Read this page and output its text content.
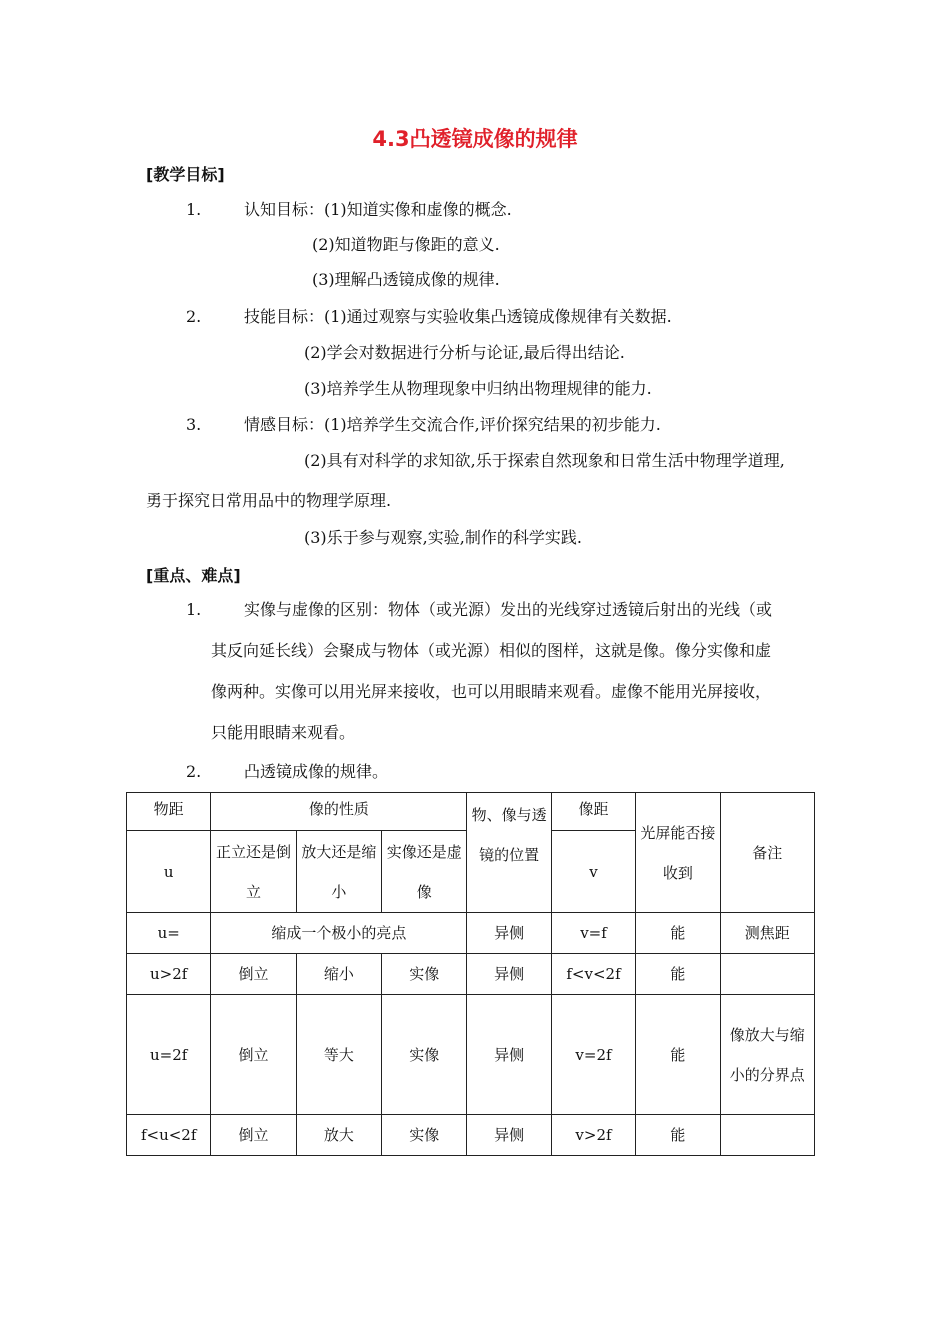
4.3凸透镜成像的规律
[教学目标]
1.	认知目标：(1)知道实像和虚像的概念.
(2)知道物距与像距的意义.
(3)理解凸透镜成像的规律.
2.	技能目标：(1)通过观察与实验收集凸透镜成像规律有关数据.
(2)学会对数据进行分析与论证,最后得出结论.
(3)培养学生从物理现象中归纳出物理规律的能力.
3.	情感目标：(1)培养学生交流合作,评价探究结果的初步能力.
(2)具有对科学的求知欲,乐于探索自然现象和日常生活中物理学道理,
勇于探究日常用品中的物理学原理.
(3)乐于参与观察,实验,制作的科学实践.
[重点、难点]
1.	实像与虚像的区别：物体（或光源）发出的光线穿过透镜后射出的光线（或
其反向延长线）会聚成与物体（或光源）相似的图样，这就是像。像分实像和虚
像两种。实像可以用光屏来接收，也可以用眼睛来观看。虚像不能用光屏接收，
只能用眼睛来观看。
2.	凸透镜成像的规律。
物距	像的性质			物、像与透镜的位置	像距	光屏能否接收到	备注
u	正立还是倒立	放大还是缩小	实像还是虚像		v		
u=	缩成一个极小的亮点			异侧	v=f	能	测焦距
u>2f	倒立	缩小	实像	异侧	f<v<2f	能	
u=2f	倒立	等大	实像	异侧	v=2f	能	像放大与缩小的分界点
f<u<2f	倒立	放大	实像	异侧	v>2f	能	
